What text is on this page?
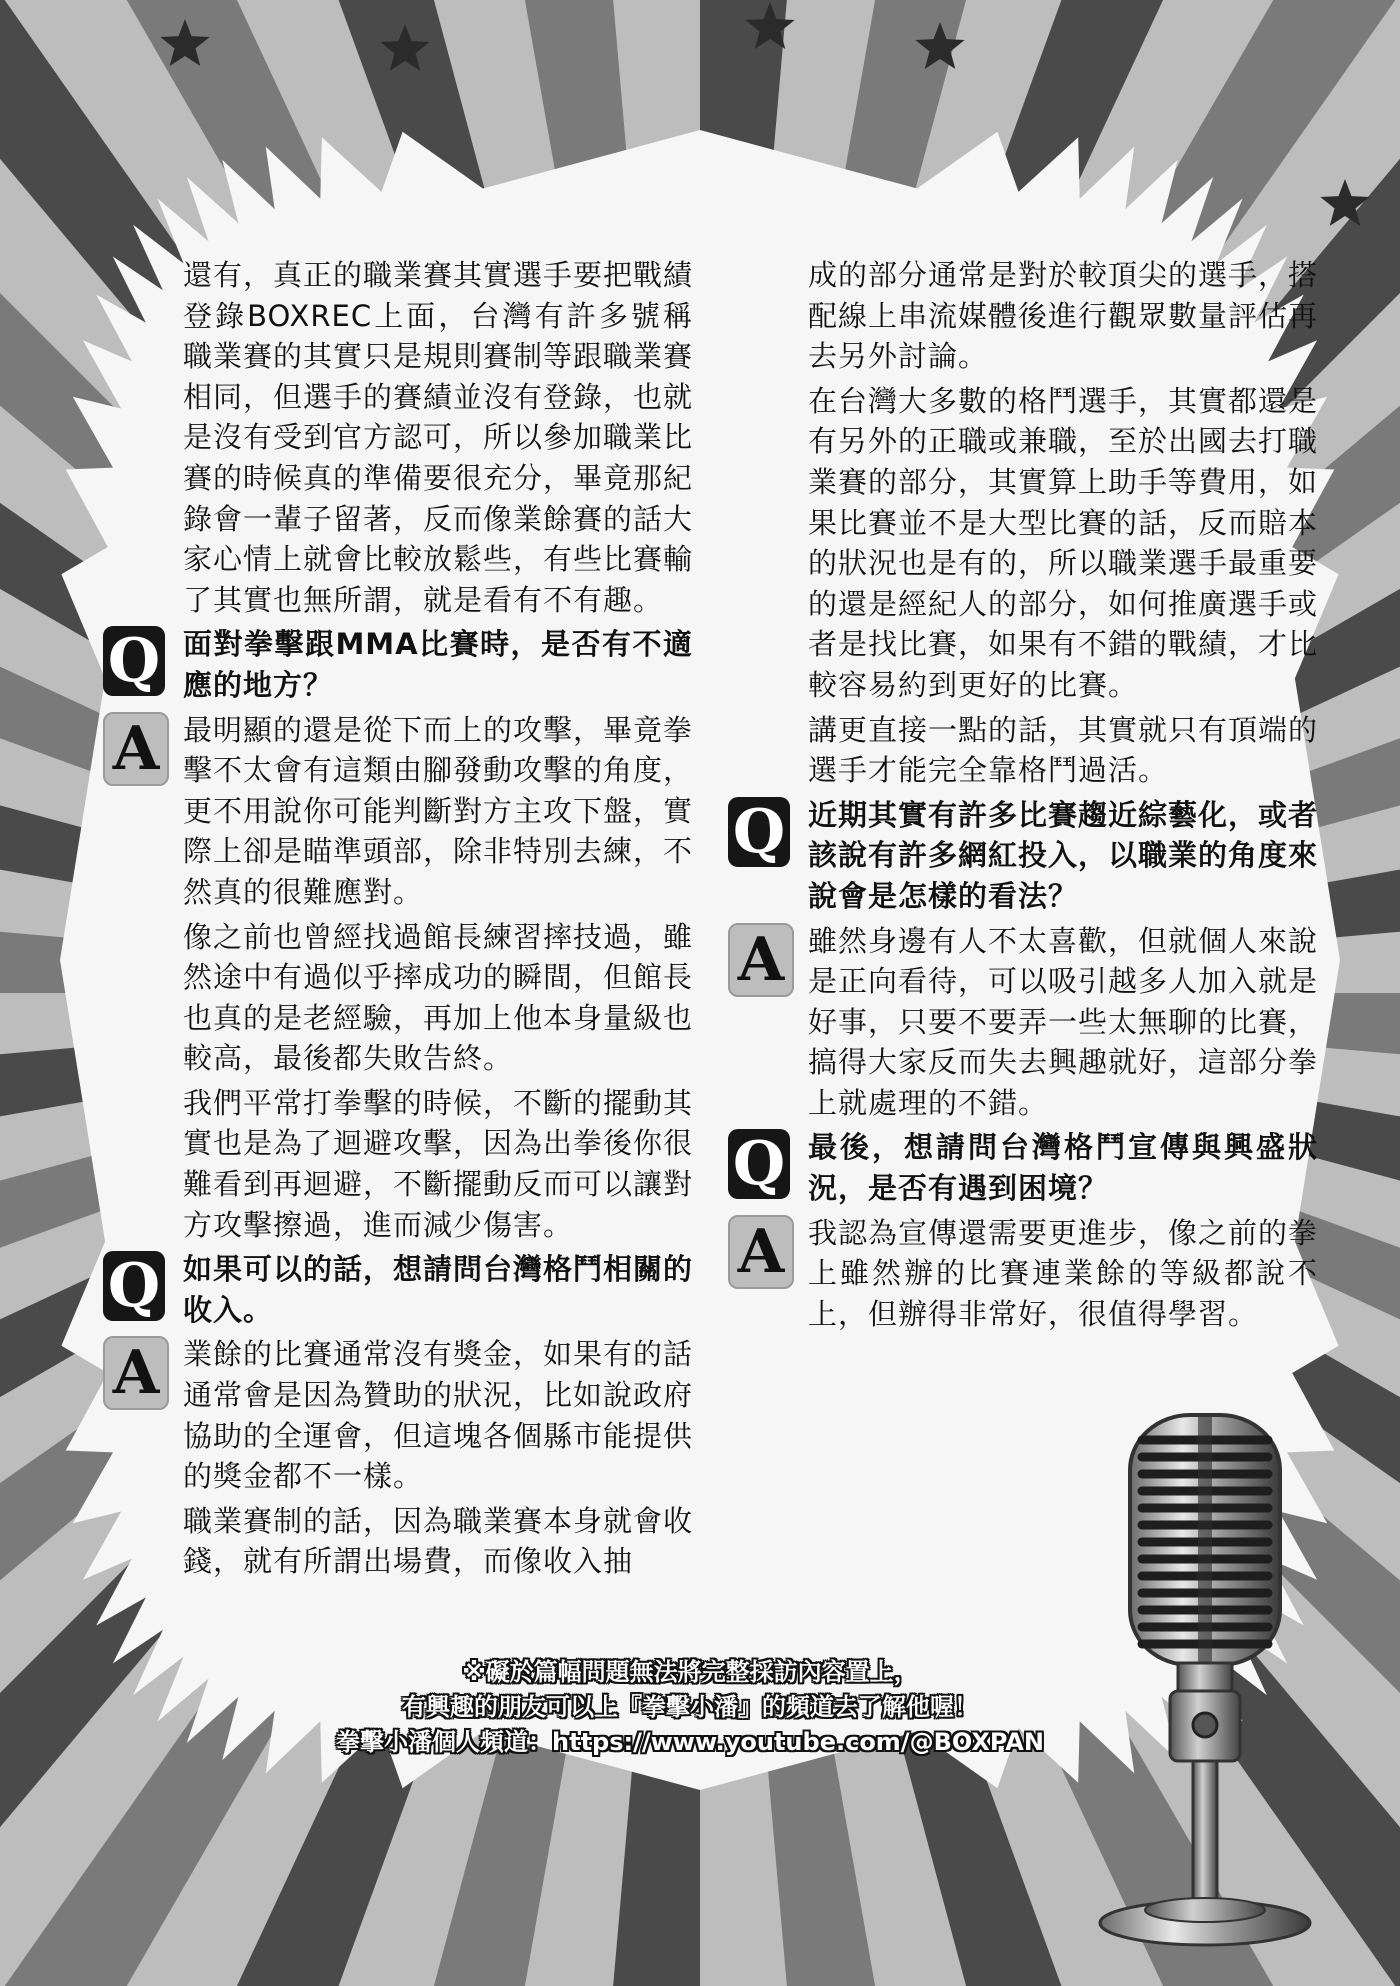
還有，真正的職業賽其實選手要把戰績登錄BOXREC上面，台灣有許多號稱職業賽的其實只是規則賽制等跟職業賽相同，但選手的賽績並沒有登錄，也就是沒有受到官方認可，所以參加職業比賽的時候真的準備要很充分，畢竟那紀錄會一輩子留著，反而像業餘賽的話大家心情上就會比較放鬆些，有些比賽輸了其實也無所謂，就是看有不有趣。
Q 面對拳擊跟MMA比賽時，是否有不適應的地方？
A 最明顯的還是從下而上的攻擊，畢竟拳擊不太會有這類由腳發動攻擊的角度，更不用說你可能判斷對方主攻下盤，實際上卻是瞄準頭部，除非特別去練，不然真的很難應對。
像之前也曾經找過館長練習摔技過，雖然途中有過似乎摔成功的瞬間，但館長也真的是老經驗，再加上他本身量級也較高，最後都失敗告終。
我們平常打拳擊的時候，不斷的擺動其實也是為了迴避攻擊，因為出拳後你很難看到再迴避，不斷擺動反而可以讓對方攻擊擦過，進而減少傷害。
Q 如果可以的話，想請問台灣格鬥相關的收入。
A 業餘的比賽通常沒有獎金，如果有的話通常會是因為贊助的狀況，比如說政府協助的全運會，但這塊各個縣市能提供的獎金都不一樣。
職業賽制的話，因為職業賽本身就會收錢，就有所謂出場費，而像收入抽
成的部分通常是對於較頂尖的選手，搭配線上串流媒體後進行觀眾數量評估再去另外討論。
在台灣大多數的格鬥選手，其實都還是有另外的正職或兼職，至於出國去打職業賽的部分，其實算上助手等費用，如果比賽並不是大型比賽的話，反而賠本的狀況也是有的，所以職業選手最重要的還是經紀人的部分，如何推廣選手或者是找比賽，如果有不錯的戰績，才比較容易約到更好的比賽。
講更直接一點的話，其實就只有頂端的選手才能完全靠格鬥過活。
Q 近期其實有許多比賽趨近綜藝化，或者該說有許多網紅投入，以職業的角度來說會是怎樣的看法？
A 雖然身邊有人不太喜歡，但就個人來說是正向看待，可以吸引越多人加入就是好事，只要不要弄一些太無聊的比賽，搞得大家反而失去興趣就好，這部分拳上就處理的不錯。
Q 最後，想請問台灣格鬥宣傳與興盛狀況，是否有遇到困境？
A 我認為宣傳還需要更進步，像之前的拳上雖然辦的比賽連業餘的等級都說不上，但辦得非常好，很值得學習。
※礙於篇幅問題無法將完整採訪內容置上，
有興趣的朋友可以上『拳擊小潘』的頻道去了解他喔！
拳擊小潘個人頻道：https://www.youtube.com/@BOXPAN
